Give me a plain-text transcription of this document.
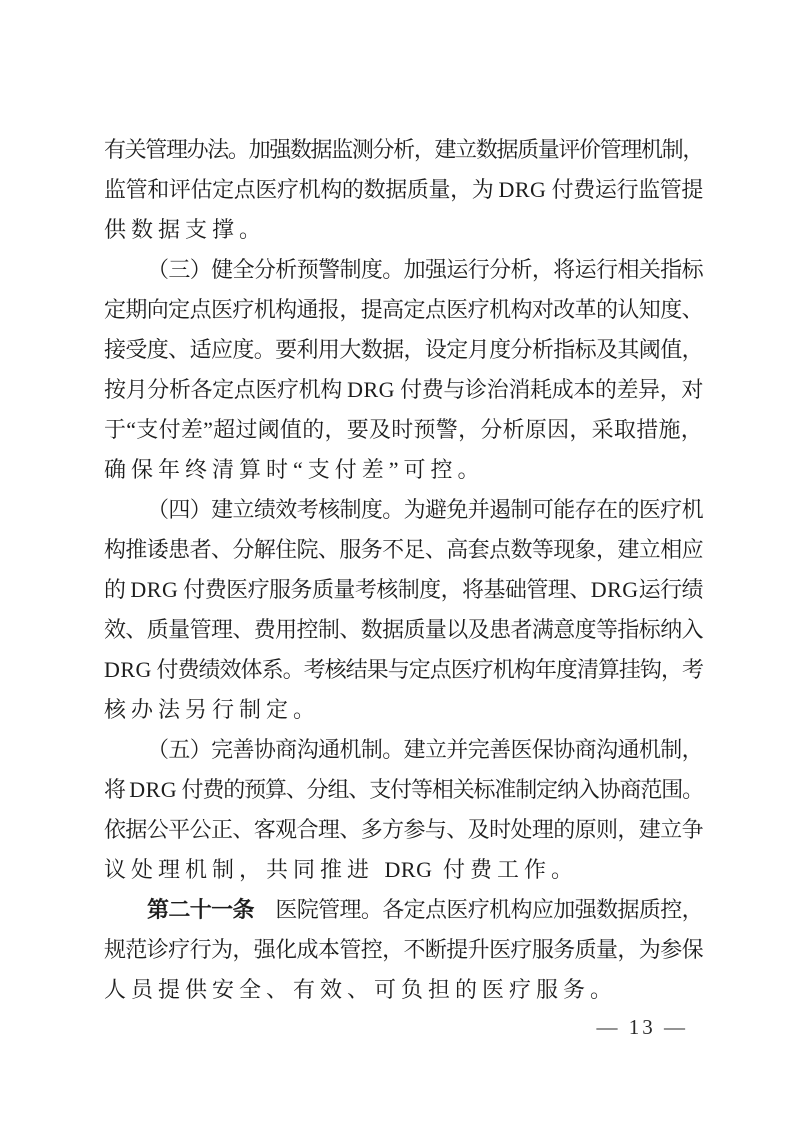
有关管理办法。加强数据监测分析，建立数据质量评价管理机制，
监管和评估定点医疗机构的数据质量，为 DRG 付费运行监管提
供数据支撑。
（三）健全分析预警制度。加强运行分析，将运行相关指标
定期向定点医疗机构通报，提高定点医疗机构对改革的认知度、
接受度、适应度。要利用大数据，设定月度分析指标及其阈值，
按月分析各定点医疗机构 DRG 付费与诊治消耗成本的差异，对
于“支付差”超过阈值的，要及时预警，分析原因，采取措施，
确保年终清算时“支付差”可控。
（四）建立绩效考核制度。为避免并遏制可能存在的医疗机
构推诿患者、分解住院、服务不足、高套点数等现象，建立相应
的 DRG 付费医疗服务质量考核制度，将基础管理、DRG运行绩
效、质量管理、费用控制、数据质量以及患者满意度等指标纳入
DRG 付费绩效体系。考核结果与定点医疗机构年度清算挂钩，考
核办法另行制定。
（五）完善协商沟通机制。建立并完善医保协商沟通机制，
将 DRG 付费的预算、分组、支付等相关标准制定纳入协商范围。
依据公平公正、客观合理、多方参与、及时处理的原则，建立争
议处理机制，共同推进 DRG 付费工作。
第二十一条　 医院管理。各定点医疗机构应加强数据质控，
规范诊疗行为，强化成本管控，不断提升医疗服务质量，为参保
人员提供安全、有效、可负担的医疗服务。
— 13 —
